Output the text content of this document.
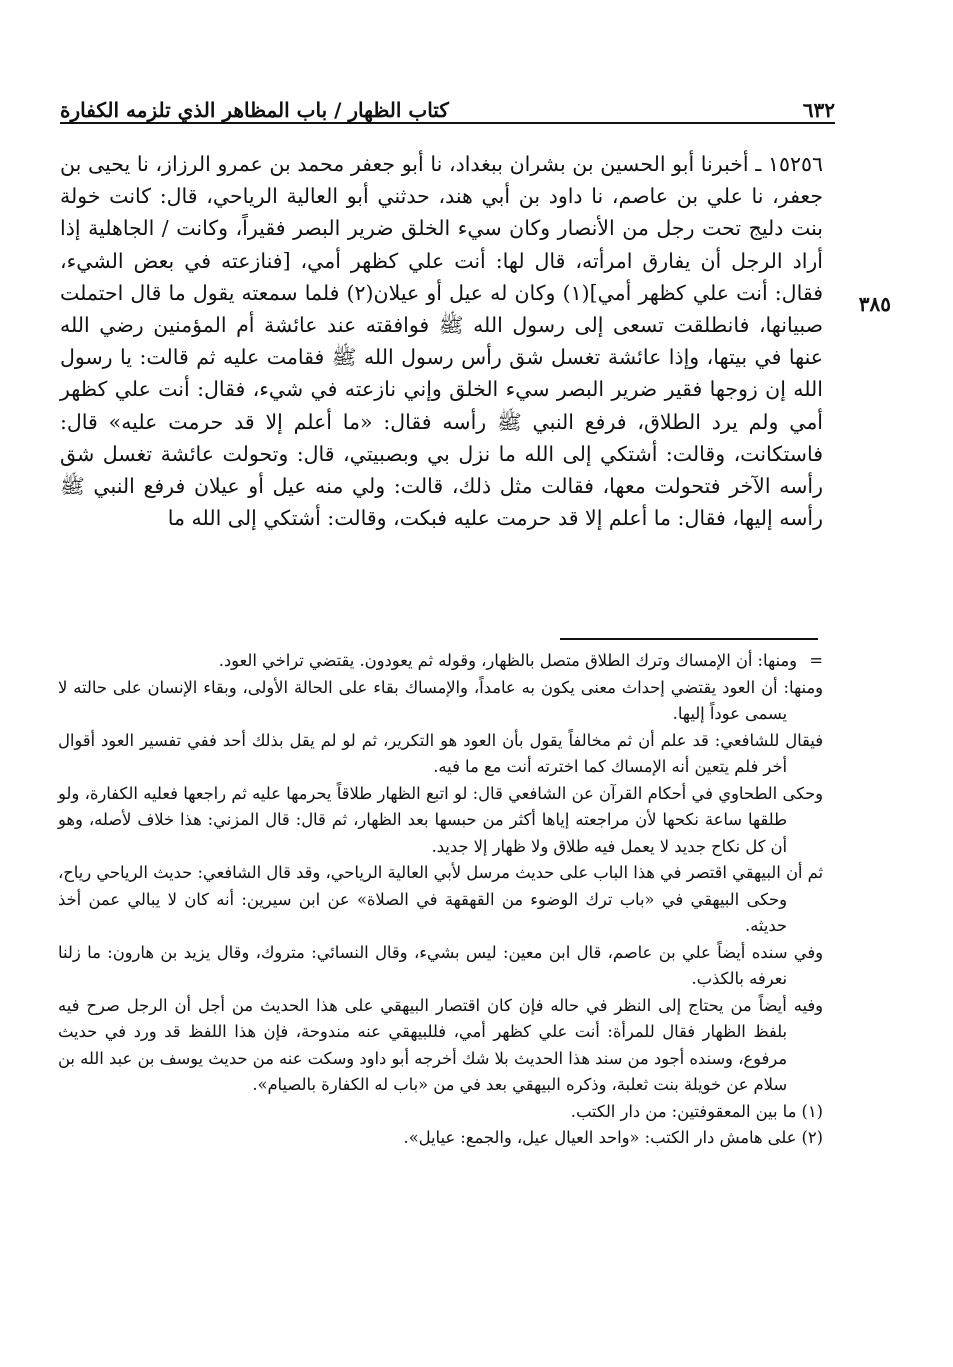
٦٣٢
كتاب الظهار / باب المظاهر الذي تلزمه الكفارة
٣٨٥

١٥٢٥٦ ـ أخبرنا أبو الحسين بن بشران ببغداد، نا أبو جعفر محمد بن عمرو الرزاز، نا يحيى بن جعفر، نا علي بن عاصم، نا داود بن أبي هند، حدثني أبو العالية الرياحي، قال: كانت خولة بنت دليج تحت رجل من الأنصار وكان سيء الخلق ضرير البصر فقيراً، وكانت / الجاهلية إذا أراد الرجل أن يفارق امرأته، قال لها: أنت علي كظهر أمي، [فنازعته في بعض الشيء، فقال: أنت علي كظهر أمي](١) وكان له عيل أو عيلان(٢) فلما سمعته يقول ما قال احتملت صبيانها، فانطلقت تسعى إلى رسول الله ﷺ فوافقته عند عائشة أم المؤمنين رضي الله عنها في بيتها، وإذا عائشة تغسل شق رأس رسول الله ﷺ فقامت عليه ثم قالت: يا رسول الله إن زوجها فقير ضرير البصر سيء الخلق وإني نازعته في شيء، فقال: أنت علي كظهر أمي ولم يرد الطلاق، فرفع النبي ﷺ رأسه فقال: «ما أعلم إلا قد حرمت عليه» قال: فاستكانت، وقالت: أشتكي إلى الله ما نزل بي وبصبيتي، قال: وتحولت عائشة تغسل شق رأسه الآخر فتحولت معها، فقالت مثل ذلك، قالت: ولي منه عيل أو عيلان فرفع النبي ﷺ رأسه إليها، فقال: ما أعلم إلا قد حرمت عليه فبكت، وقالت: أشتكي إلى الله ما

=ومنها: أن الإمساك وترك الطلاق متصل بالظهار، وقوله ثم يعودون. يقتضي تراخي العود.

ومنها: أن العود يقتضي إحداث معنى يكون به عامداً، والإمساك بقاء على الحالة الأولى، وبقاء الإنسان على حالته لا يسمى عوداً إليها.

فيقال للشافعي: قد علم أن ثم مخالفاً يقول بأن العود هو التكرير، ثم لو لم يقل بذلك أحد ففي تفسير العود أقوال أخر فلم يتعين أنه الإمساك كما اخترته أنت مع ما فيه.

وحكى الطحاوي في أحكام القرآن عن الشافعي قال: لو اتبع الظهار طلاقاً يحرمها عليه ثم راجعها فعليه الكفارة، ولو طلقها ساعة نكحها لأن مراجعته إياها أكثر من حبسها بعد الظهار، ثم قال: قال المزني: هذا خلاف لأصله، وهو أن كل نكاح جديد لا يعمل فيه طلاق ولا ظهار إلا جديد.

ثم أن البيهقي اقتصر في هذا الباب على حديث مرسل لأبي العالية الرياحي، وقد قال الشافعي: حديث الرياحي رياح، وحكى البيهقي في «باب ترك الوضوء من القهقهة في الصلاة» عن ابن سيرين: أنه كان لا يبالي عمن أخذ حديثه.

وفي سنده أيضاً علي بن عاصم، قال ابن معين: ليس بشيء، وقال النسائي: متروك، وقال يزيد بن هارون: ما زلنا نعرفه بالكذب.

وفيه أيضاً من يحتاج إلى النظر في حاله فإن كان اقتصار البيهقي على هذا الحديث من أجل أن الرجل صرح فيه بلفظ الظهار فقال للمرأة: أنت علي كظهر أمي، فللبيهقي عنه مندوحة، فإن هذا اللفظ قد ورد في حديث مرفوع، وسنده أجود من سند هذا الحديث بلا شك أخرجه أبو داود وسكت عنه من حديث يوسف بن عبد الله بن سلام عن خويلة بنت ثعلبة، وذكره البيهقي بعد في من «باب له الكفارة بالصيام».

(١) ما بين المعقوفتين: من دار الكتب.

(٢) على هامش دار الكتب: «واحد العيال عيل، والجمع: عيايل».
